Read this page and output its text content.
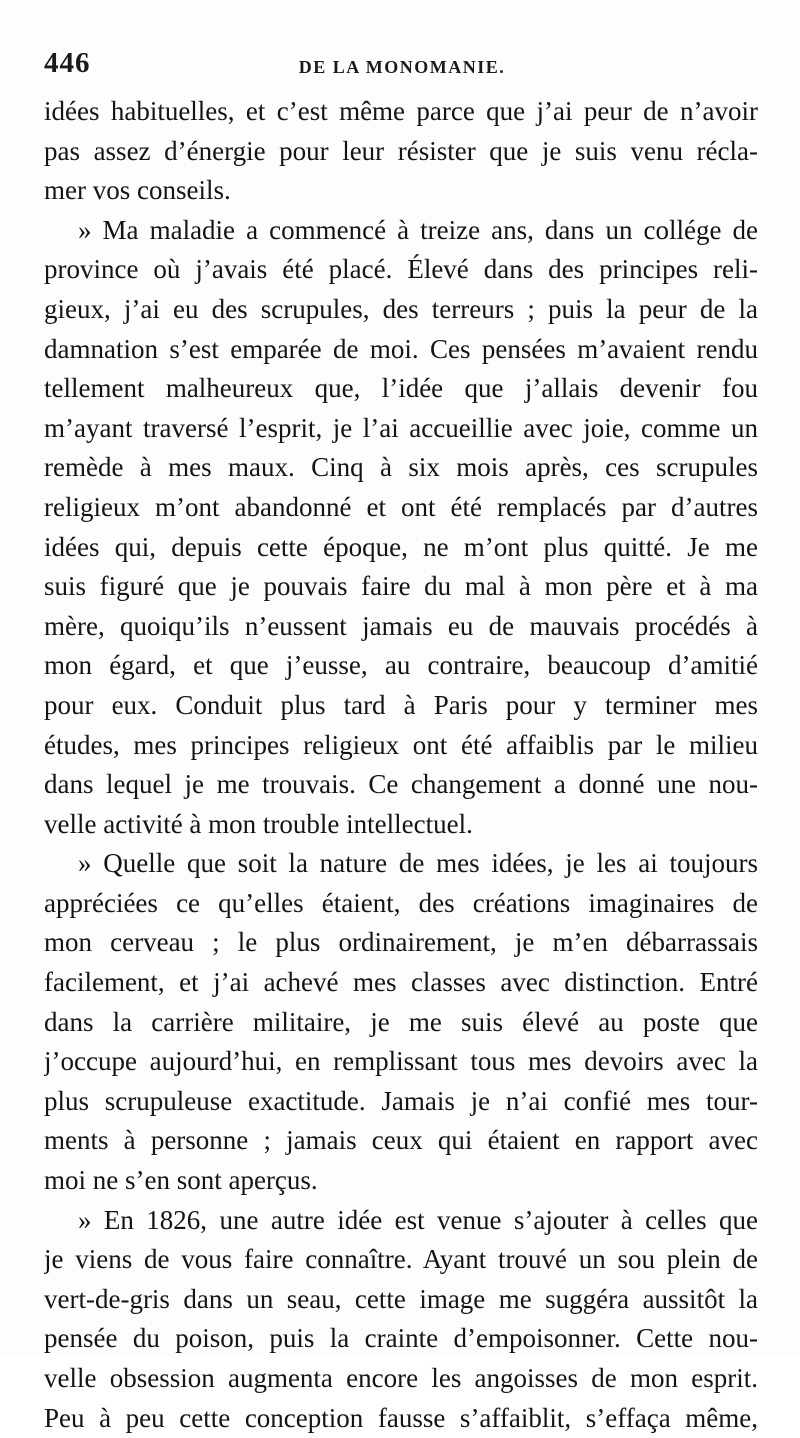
446	DE LA MONOMANIE.
idées habituelles, et c’est même parce que j’ai peur de n’avoir
pas assez d’énergie pour leur résister que je suis venu récla-
mer vos conseils.
» Ma maladie a commencé à treize ans, dans un collége de
province où j’avais été placé. Élevé dans des principes reli-
gieux, j’ai eu des scrupules, des terreurs ; puis la peur de la
damnation s’est emparée de moi. Ces pensées m’avaient rendu
tellement malheureux que, l’idée que j’allais devenir fou
m’ayant traversé l’esprit, je l’ai accueillie avec joie, comme un
remède à mes maux. Cinq à six mois après, ces scrupules
religieux m’ont abandonné et ont été remplacés par d’autres
idées qui, depuis cette époque, ne m’ont plus quitté. Je me
suis figuré que je pouvais faire du mal à mon père et à ma
mère, quoiqu’ils n’eussent jamais eu de mauvais procédés à
mon égard, et que j’eusse, au contraire, beaucoup d’amitié
pour eux. Conduit plus tard à Paris pour y terminer mes
études, mes principes religieux ont été affaiblis par le milieu
dans lequel je me trouvais. Ce changement a donné une nou-
velle activité à mon trouble intellectuel.
» Quelle que soit la nature de mes idées, je les ai toujours
appréciées ce qu’elles étaient, des créations imaginaires de
mon cerveau ; le plus ordinairement, je m’en débarrassais
facilement, et j’ai achevé mes classes avec distinction. Entré
dans la carrière militaire, je me suis élevé au poste que
j’occupe aujourd’hui, en remplissant tous mes devoirs avec la
plus scrupuleuse exactitude. Jamais je n’ai confié mes tour-
ments à personne ; jamais ceux qui étaient en rapport avec
moi ne s’en sont aperçus.
» En 1826, une autre idée est venue s’ajouter à celles que
je viens de vous faire connaître. Ayant trouvé un sou plein de
vert-de-gris dans un seau, cette image me suggéra aussitôt la
pensée du poison, puis la crainte d’empoisonner. Cette nou-
velle obsession augmenta encore les angoisses de mon esprit.
Peu à peu cette conception fausse s’affaiblit, s’effaça même,
